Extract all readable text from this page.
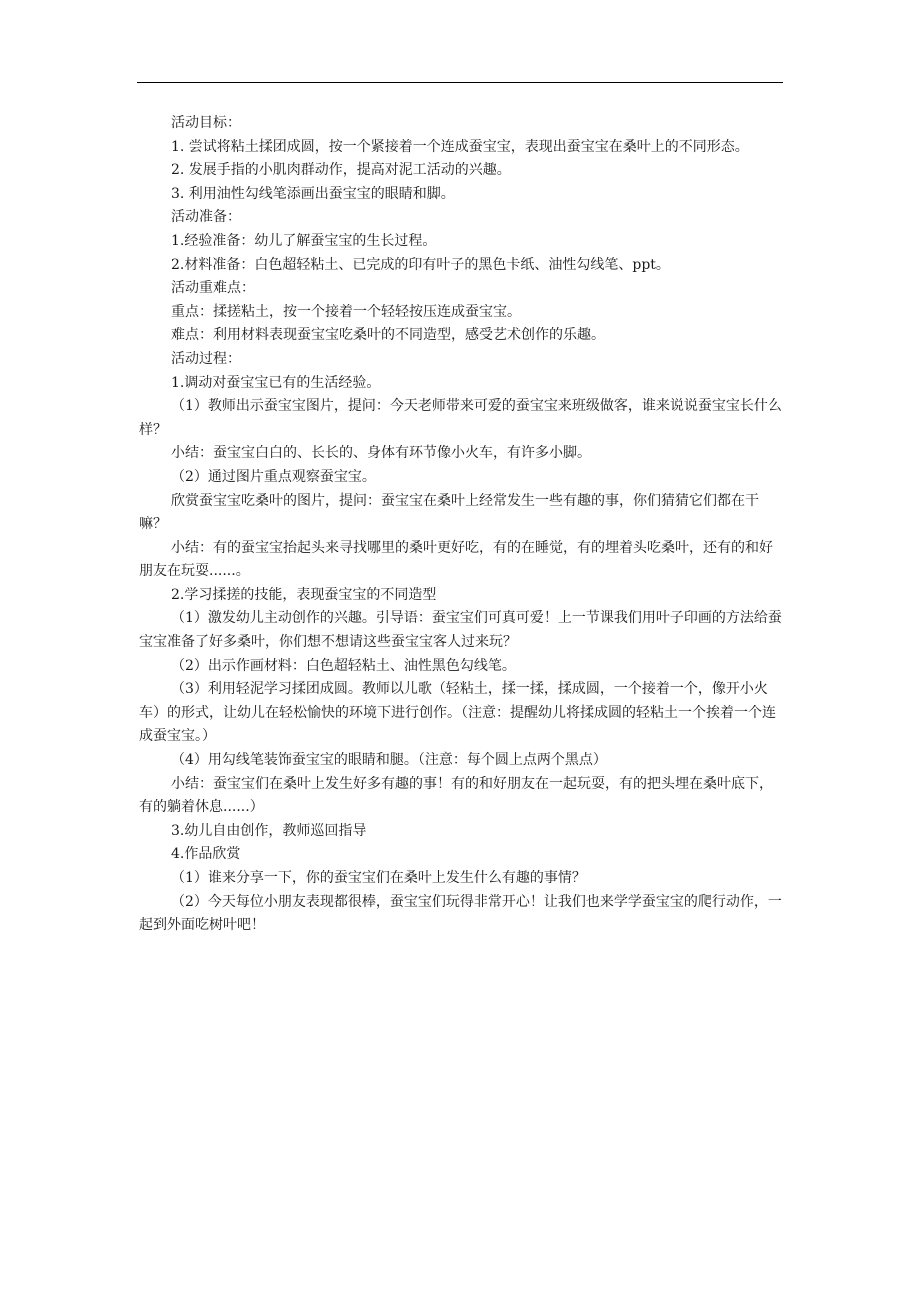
活动目标：

1. 尝试将粘土揉团成圆，按一个紧接着一个连成蚕宝宝，表现出蚕宝宝在桑叶上的不同形态。

2. 发展手指的小肌肉群动作，提高对泥工活动的兴趣。

3. 利用油性勾线笔添画出蚕宝宝的眼睛和脚。

活动准备：

1.经验准备：幼儿了解蚕宝宝的生长过程。

2.材料准备：白色超轻粘土、已完成的印有叶子的黑色卡纸、油性勾线笔、ppt。

活动重难点：

重点：揉搓粘土，按一个接着一个轻轻按压连成蚕宝宝。

难点：利用材料表现蚕宝宝吃桑叶的不同造型，感受艺术创作的乐趣。

活动过程：

1.调动对蚕宝宝已有的生活经验。

（1）教师出示蚕宝宝图片，提问：今天老师带来可爱的蚕宝宝来班级做客，谁来说说蚕宝宝长什么样？

小结：蚕宝宝白白的、长长的、身体有环节像小火车，有许多小脚。

（2）通过图片重点观察蚕宝宝。

欣赏蚕宝宝吃桑叶的图片，提问：蚕宝宝在桑叶上经常发生一些有趣的事，你们猜猜它们都在干嘛？

小结：有的蚕宝宝抬起头来寻找哪里的桑叶更好吃，有的在睡觉，有的埋着头吃桑叶，还有的和好朋友在玩耍......。

2.学习揉搓的技能，表现蚕宝宝的不同造型

（1）激发幼儿主动创作的兴趣。引导语：蚕宝宝们可真可爱！上一节课我们用叶子印画的方法给蚕宝宝准备了好多桑叶，你们想不想请这些蚕宝宝客人过来玩？

（2）出示作画材料：白色超轻粘土、油性黑色勾线笔。

（3）利用轻泥学习揉团成圆。教师以儿歌（轻粘土，揉一揉，揉成圆，一个接着一个，像开小火车）的形式，让幼儿在轻松愉快的环境下进行创作。（注意：提醒幼儿将揉成圆的轻粘土一个挨着一个连成蚕宝宝。）

（4）用勾线笔装饰蚕宝宝的眼睛和腿。（注意：每个圆上点两个黑点）

小结：蚕宝宝们在桑叶上发生好多有趣的事！有的和好朋友在一起玩耍，有的把头埋在桑叶底下，有的躺着休息......）

3.幼儿自由创作，教师巡回指导

4.作品欣赏

（1）谁来分享一下，你的蚕宝宝们在桑叶上发生什么有趣的事情？

（2）今天每位小朋友表现都很棒，蚕宝宝们玩得非常开心！让我们也来学学蚕宝宝的爬行动作，一起到外面吃树叶吧！
